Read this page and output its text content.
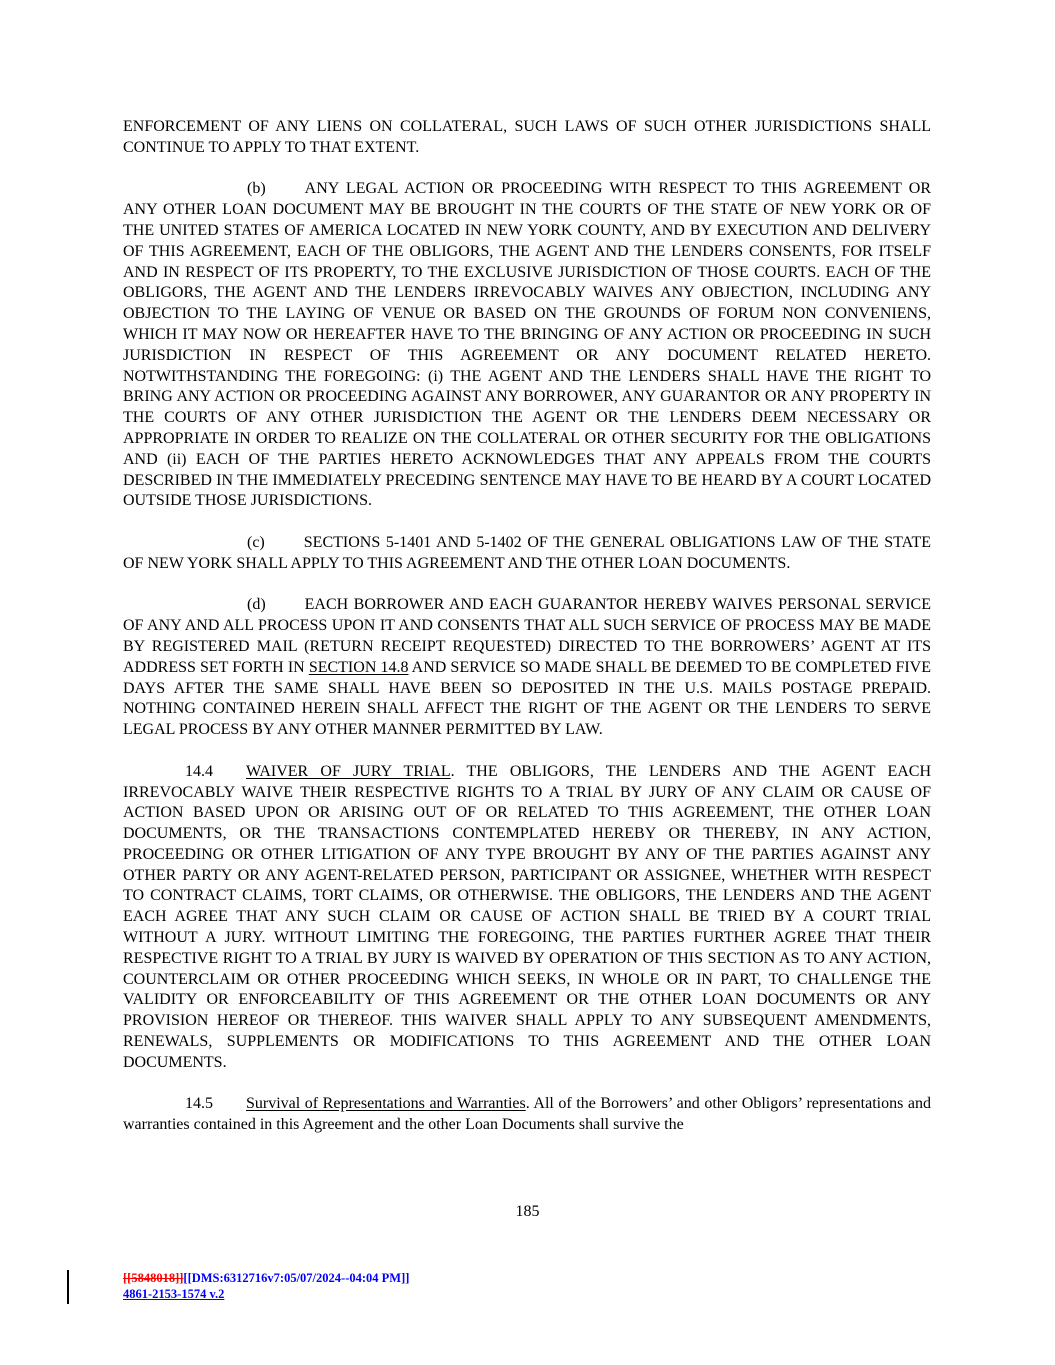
ENFORCEMENT OF ANY LIENS ON COLLATERAL, SUCH LAWS OF SUCH OTHER JURISDICTIONS SHALL CONTINUE TO APPLY TO THAT EXTENT.

(b) ANY LEGAL ACTION OR PROCEEDING WITH RESPECT TO THIS AGREEMENT OR ANY OTHER LOAN DOCUMENT MAY BE BROUGHT IN THE COURTS OF THE STATE OF NEW YORK OR OF THE UNITED STATES OF AMERICA LOCATED IN NEW YORK COUNTY, AND BY EXECUTION AND DELIVERY OF THIS AGREEMENT, EACH OF THE OBLIGORS, THE AGENT AND THE LENDERS CONSENTS, FOR ITSELF AND IN RESPECT OF ITS PROPERTY, TO THE EXCLUSIVE JURISDICTION OF THOSE COURTS. EACH OF THE OBLIGORS, THE AGENT AND THE LENDERS IRREVOCABLY WAIVES ANY OBJECTION, INCLUDING ANY OBJECTION TO THE LAYING OF VENUE OR BASED ON THE GROUNDS OF FORUM NON CONVENIENS, WHICH IT MAY NOW OR HEREAFTER HAVE TO THE BRINGING OF ANY ACTION OR PROCEEDING IN SUCH JURISDICTION IN RESPECT OF THIS AGREEMENT OR ANY DOCUMENT RELATED HERETO. NOTWITHSTANDING THE FOREGOING: (i) THE AGENT AND THE LENDERS SHALL HAVE THE RIGHT TO BRING ANY ACTION OR PROCEEDING AGAINST ANY BORROWER, ANY GUARANTOR OR ANY PROPERTY IN THE COURTS OF ANY OTHER JURISDICTION THE AGENT OR THE LENDERS DEEM NECESSARY OR APPROPRIATE IN ORDER TO REALIZE ON THE COLLATERAL OR OTHER SECURITY FOR THE OBLIGATIONS AND (ii) EACH OF THE PARTIES HERETO ACKNOWLEDGES THAT ANY APPEALS FROM THE COURTS DESCRIBED IN THE IMMEDIATELY PRECEDING SENTENCE MAY HAVE TO BE HEARD BY A COURT LOCATED OUTSIDE THOSE JURISDICTIONS.

(c) SECTIONS 5-1401 AND 5-1402 OF THE GENERAL OBLIGATIONS LAW OF THE STATE OF NEW YORK SHALL APPLY TO THIS AGREEMENT AND THE OTHER LOAN DOCUMENTS.

(d) EACH BORROWER AND EACH GUARANTOR HEREBY WAIVES PERSONAL SERVICE OF ANY AND ALL PROCESS UPON IT AND CONSENTS THAT ALL SUCH SERVICE OF PROCESS MAY BE MADE BY REGISTERED MAIL (RETURN RECEIPT REQUESTED) DIRECTED TO THE BORROWERS’ AGENT AT ITS ADDRESS SET FORTH IN SECTION 14.8 AND SERVICE SO MADE SHALL BE DEEMED TO BE COMPLETED FIVE DAYS AFTER THE SAME SHALL HAVE BEEN SO DEPOSITED IN THE U.S. MAILS POSTAGE PREPAID. NOTHING CONTAINED HEREIN SHALL AFFECT THE RIGHT OF THE AGENT OR THE LENDERS TO SERVE LEGAL PROCESS BY ANY OTHER MANNER PERMITTED BY LAW.

14.4 WAIVER OF JURY TRIAL. THE OBLIGORS, THE LENDERS AND THE AGENT EACH IRREVOCABLY WAIVE THEIR RESPECTIVE RIGHTS TO A TRIAL BY JURY OF ANY CLAIM OR CAUSE OF ACTION BASED UPON OR ARISING OUT OF OR RELATED TO THIS AGREEMENT, THE OTHER LOAN DOCUMENTS, OR THE TRANSACTIONS CONTEMPLATED HEREBY OR THEREBY, IN ANY ACTION, PROCEEDING OR OTHER LITIGATION OF ANY TYPE BROUGHT BY ANY OF THE PARTIES AGAINST ANY OTHER PARTY OR ANY AGENT-RELATED PERSON, PARTICIPANT OR ASSIGNEE, WHETHER WITH RESPECT TO CONTRACT CLAIMS, TORT CLAIMS, OR OTHERWISE. THE OBLIGORS, THE LENDERS AND THE AGENT EACH AGREE THAT ANY SUCH CLAIM OR CAUSE OF ACTION SHALL BE TRIED BY A COURT TRIAL WITHOUT A JURY. WITHOUT LIMITING THE FOREGOING, THE PARTIES FURTHER AGREE THAT THEIR RESPECTIVE RIGHT TO A TRIAL BY JURY IS WAIVED BY OPERATION OF THIS SECTION AS TO ANY ACTION, COUNTERCLAIM OR OTHER PROCEEDING WHICH SEEKS, IN WHOLE OR IN PART, TO CHALLENGE THE VALIDITY OR ENFORCEABILITY OF THIS AGREEMENT OR THE OTHER LOAN DOCUMENTS OR ANY PROVISION HEREOF OR THEREOF. THIS WAIVER SHALL APPLY TO ANY SUBSEQUENT AMENDMENTS, RENEWALS, SUPPLEMENTS OR MODIFICATIONS TO THIS AGREEMENT AND THE OTHER LOAN DOCUMENTS.

14.5 Survival of Representations and Warranties. All of the Borrowers’ and other Obligors’ representations and warranties contained in this Agreement and the other Loan Documents shall survive the

185
[[5848018]][[DMS:6312716v7:05/07/2024--04:04 PM]]
4861-2153-1574 v.2
